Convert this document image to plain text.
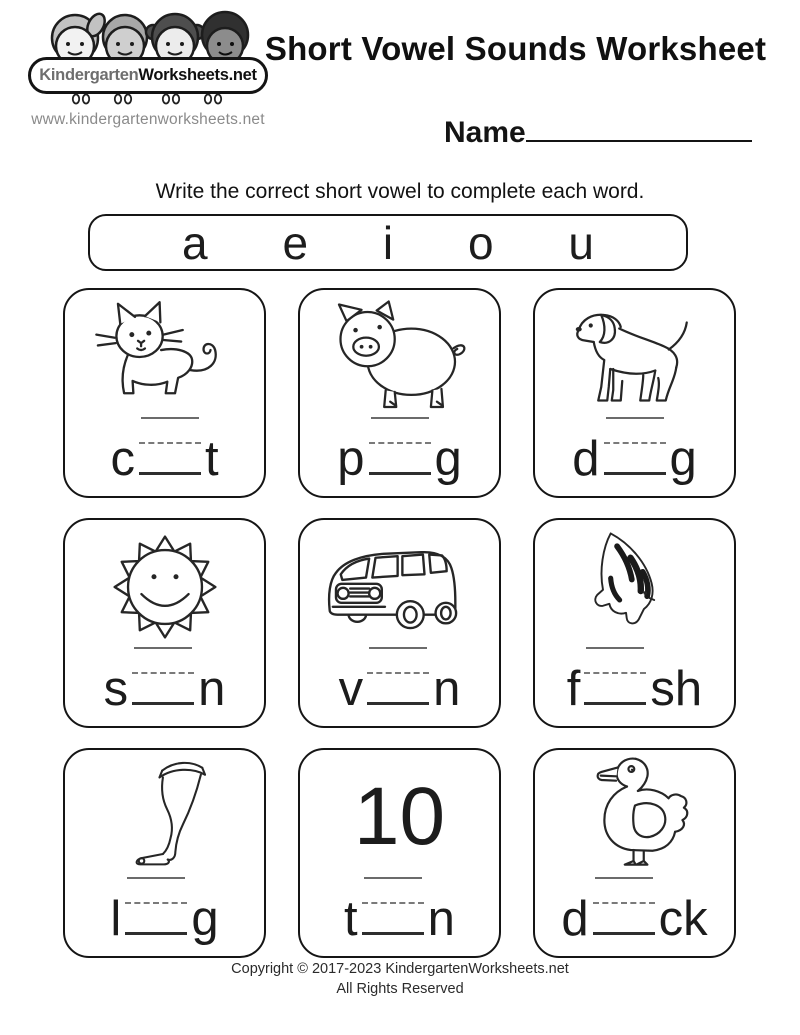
KindergartenWorksheets.net
www.kindergartenworksheets.net
Short Vowel Sounds Worksheet
Name

Write the correct short vowel to complete each word.

a e i o u
c t p g d g
s n v n f sh
l g
10
t n d ck
Copyright © 2017-2023 KindergartenWorksheets.net
All Rights Reserved
